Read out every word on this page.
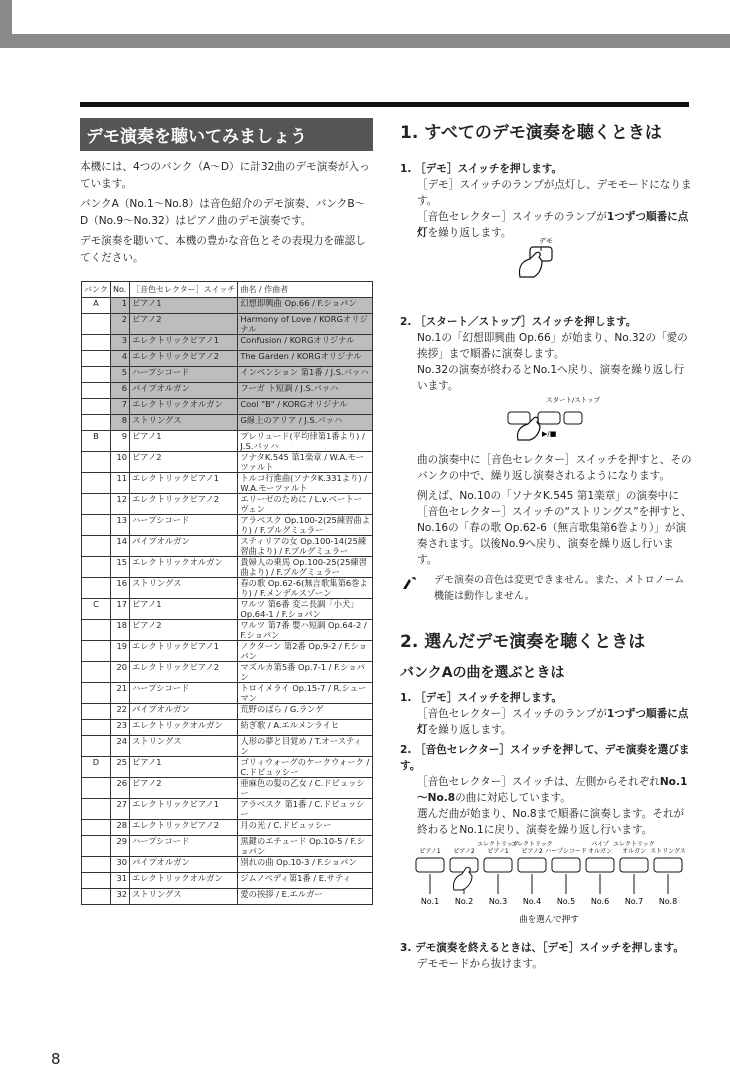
デモ演奏を聴いてみましょう

本機には、4つのバンク（A～D）に計32曲のデモ演奏が入っています。

バンクA（No.1～No.8）は音色紹介のデモ演奏、バンクB～D（No.9～No.32）はピアノ曲のデモ演奏です。

デモ演奏を聴いて、本機の豊かな音色とその表現力を確認してください。

バンク	No.	［音色セレクター］スイッチ	曲名 / 作曲者
A	1	ピアノ1	幻想即興曲 Op.66 / F.ショパン
	2	ピアノ2	Harmony of Love / KORGオリジナル
	3	エレクトリックピアノ1	Confusion / KORGオリジナル
	4	エレクトリックピアノ2	The Garden / KORGオリジナル
	5	ハープシコード	インベンション 第1番 / J.S.バッハ
	6	パイプオルガン	フーガ ト短調 / J.S.バッハ
	7	エレクトリックオルガン	Cool "B" / KORGオリジナル
	8	ストリングス	G線上のアリア / J.S.バッハ
B	9	ピアノ1	プレリュード(平均律第1番より) / J.S.バッハ
	10	ピアノ2	ソナタK.545 第1楽章 / W.A.モーツァルト
	11	エレクトリックピアノ1	トルコ行進曲(ソナタK.331より) / W.A.モーツァルト
	12	エレクトリックピアノ2	エリーゼのために / L.v.ベートーヴェン
	13	ハープシコード	アラベスク Op.100-2(25練習曲より) / F.ブルグミュラー
	14	パイプオルガン	スティリアの女 Op.100-14(25練習曲より) / F.ブルグミュラー
	15	エレクトリックオルガン	貴婦人の乗馬 Op.100-25(25練習曲より) / F.ブルグミュラー
	16	ストリングス	春の歌 Op.62-6(無言歌集第6巻より) / F.メンデルスゾーン
C	17	ピアノ1	ワルツ 第6番 変ニ長調「小犬」Op.64-1 / F.ショパン
	18	ピアノ2	ワルツ 第7番 嬰ハ短調 Op.64-2 / F.ショパン
	19	エレクトリックピアノ1	ノクターン 第2番 Op.9-2 / F.ショパン
	20	エレクトリックピアノ2	マズルカ第5番 Op.7-1 / F.ショパン
	21	ハープシコード	トロイメライ Op.15-7 / R.シューマン
	22	パイプオルガン	荒野のばら / G.ランゲ
	23	エレクトリックオルガン	紡ぎ歌 / A.エルメンライヒ
	24	ストリングス	人形の夢と目覚め / T.オースティン
D	25	ピアノ1	ゴリィウォーグのケークウォーク / C.ドビュッシー
	26	ピアノ2	亜麻色の髪の乙女 / C.ドビュッシー
	27	エレクトリックピアノ1	アラベスク 第1番 / C.ドビュッシー
	28	エレクトリックピアノ2	月の光 / C.ドビュッシー
	29	ハープシコード	黒鍵のエチュード Op.10-5 / F.ショパン
	30	パイプオルガン	別れの曲 Op.10-3 / F.ショパン
	31	エレクトリックオルガン	ジムノペディ第1番 / E.サティ
	32	ストリングス	愛の挨拶 / E.エルガー

1. すべてのデモ演奏を聴くときは

1. ［デモ］スイッチを押します。

［デモ］スイッチのランプが点灯し、デモモードになります。

［音色セレクター］スイッチのランプが1つずつ順番に点灯を繰り返します。

デモ

2. ［スタート／ストップ］スイッチを押します。

No.1の「幻想即興曲 Op.66」が始まり、No.32の「愛の挨拶」まで順番に演奏します。

No.32の演奏が終わるとNo.1へ戻り、演奏を繰り返し行います。

スタート/ストップ
▶/■

曲の演奏中に［音色セレクター］スイッチを押すと、そのバンクの中で、繰り返し演奏されるようになります。

例えば、No.10の「ソナタK.545 第1楽章」の演奏中に［音色セレクター］スイッチの“ストリングス”を押すと、No.16の「春の歌 Op.62-6（無言歌集第6巻より）」が演奏されます。以後No.9へ戻り、演奏を繰り返し行います。

デモ演奏の音色は変更できません。また、メトロノーム機能は動作しません。

2. 選んだデモ演奏を聴くときは

バンクAの曲を選ぶときは

1. ［デモ］スイッチを押します。

［音色セレクター］スイッチのランプが1つずつ順番に点灯を繰り返します。

2. ［音色セレクター］スイッチを押して、デモ演奏を選びます。

［音色セレクター］スイッチは、左側からそれぞれNo.1～No.8の曲に対応しています。

選んだ曲が始まり、No.8まで順番に演奏します。それが終わるとNo.1に戻り、演奏を繰り返し行います。

ピアノ1
No.1
ピアノ2
No.2
エレクトリック
ピアノ1
No.3
エレクトリック
ピアノ2
No.4
ハープシコード
No.5
パイプ
オルガン
No.6
エレクトリック
オルガン
No.7
ストリングス
No.8
曲を選んで押す

3. デモ演奏を終えるときは、［デモ］スイッチを押します。

デモモードから抜けます。

8
